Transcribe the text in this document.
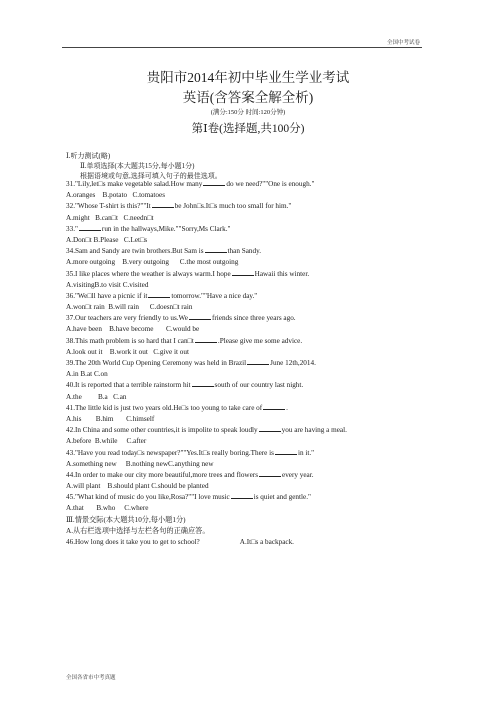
全国中考试卷
贵阳市2014年初中毕业生学业考试
英语(含答案全解全析)
(满分:150分 时间:120分钟)
第Ⅰ卷(选择题,共100分)
Ⅰ.听力测试(略)
Ⅱ.单项选择(本大题共15分,每小题1分)
根据语境或句意,选择可填入句子的最佳选项。
31."Lily,let□s make vegetable salad.How many	do we need?""One is enough."
A.oranges    B.potato   C.tomatoes
32."Whose T-shirt is this?""It	be John□s.It□s much too small for him."
A.might   B.can□t   C.needn□t
33."	run in the hallways,Mike.""Sorry,Ms Clark."
A.Don□t B.Please   C.Let□s
34.Sam and Sandy are twin brothers.But Sam is	than Sandy.
A.more outgoing    B.very outgoing      C.the most outgoing
35.I like places where the weather is always warm.I hope	Hawaii this winter.
A.visitingB.to visit C.visited
36."We□ll have a picnic if it	tomorrow.""Have a nice day."
A.won□t rain  B.will rain      C.doesn□t rain
37.Our teachers are very friendly to us.We	friends since three years ago.
A.have been    B.have become       C.would be
38.This math problem is so hard that I can□t	.Please give me some advice.
A.look out it    B.work it out   C.give it out
39.The 20th World Cup Opening Ceremony was held in Brazil	June 12th,2014.
A.in B.at C.on
40.It is reported that a terrible rainstorm hit	south of our country last night.
A.the         B.a   C.an
41.The little kid is just two years old.He□s too young to take care of	.
A.his        B.him       C.himself
42.In China and some other countries,it is impolite to speak loudly	you are having a meal.
A.before  B.while     C.after
43."Have you read today□s newspaper?""Yes.It□s really boring.There is	in it."
A.something new     B.nothing newC.anything new
44.In order to make our city more beautiful,more trees and flowers	every year.
A.will plant    B.should plant C.should be planted
45."What kind of music do you like,Rosa?""I love music	is quiet and gentle."
A.that       B.who     C.where
Ⅲ.情景交际(本大题共10分,每小题1分)
A.从右栏选项中选择与左栏各句的正确应答。
46.How long does it take you to get to school?	A.It□s a backpack.
全国各省市中考真题
